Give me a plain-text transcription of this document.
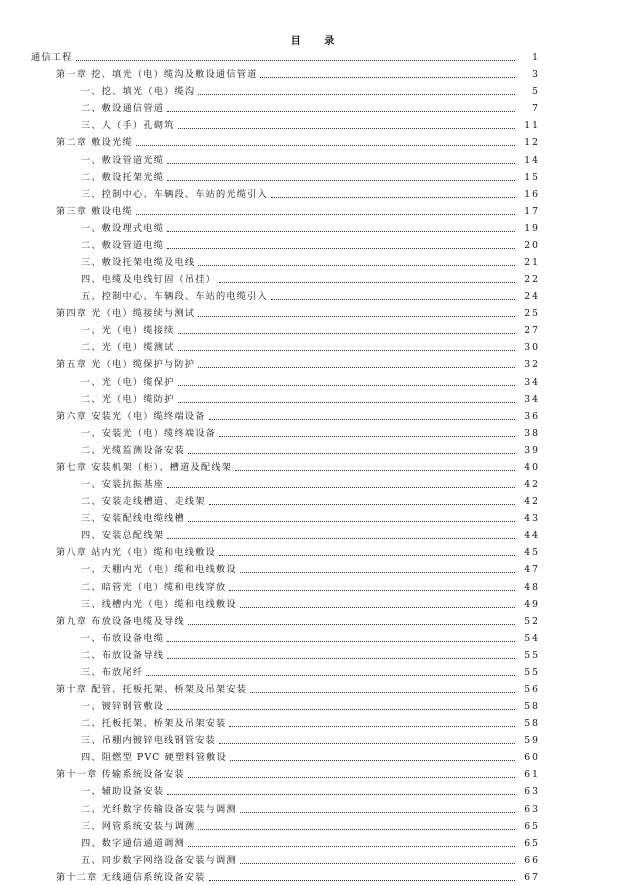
目 录
通信工程	1
第一章 挖、填光（电）缆沟及敷设通信管道	3
一、挖、填光（电）缆沟	5
二、敷设通信管道	7
三、人（手）孔砌筑	11
第二章 敷设光缆	12
一、敷设管道光缆	14
二、敷设托架光缆	15
三、控制中心、车辆段、车站的光缆引入	16
第三章 敷设电缆	17
一、敷设埋式电缆	19
二、敷设管道电缆	20
三、敷设托架电缆及电线	21
四、电缆及电线钉固（吊挂）	22
五、控制中心、车辆段、车站的电缆引入	24
第四章 光（电）缆接续与测试	25
一、光（电）缆接续	27
二、光（电）缆测试	30
第五章 光（电）缆保护与防护	32
一、光（电）缆保护	34
二、光（电）缆防护	34
第六章 安装光（电）缆终端设备	36
一、安装光（电）缆终端设备	38
二、光缆监测设备安装	39
第七章 安装机架（柜）、槽道及配线架	40
一、安装抗振基座	42
二、安装走线槽道、走线架	42
三、安装配线电缆线槽	43
四、安装总配线架	44
第八章 站内光（电）缆和电线敷设	45
一、天棚内光（电）缆和电线敷设	47
二、暗管光（电）缆和电线穿放	48
三、线槽内光（电）缆和电线敷设	49
第九章 布放设备电缆及导线	52
一、布放设备电缆	54
二、布放设备导线	55
三、布放尾纤	55
第十章 配管、托板托架、桥架及吊架安装	56
一、镀锌钢管敷设	58
二、托板托架、桥架及吊架安装	58
三、吊棚内镀锌电线钢管安装	59
四、阻燃型 PVC 硬塑料管敷设	60
第十一章 传输系统设备安装	61
一、辅助设备安装	63
二、光纤数字传输设备安装与调测	63
三、网管系统安装与调测	65
四、数字通信通道调测	65
五、同步数字网络设备安装与调测	66
第十二章 无线通信系统设备安装	67
